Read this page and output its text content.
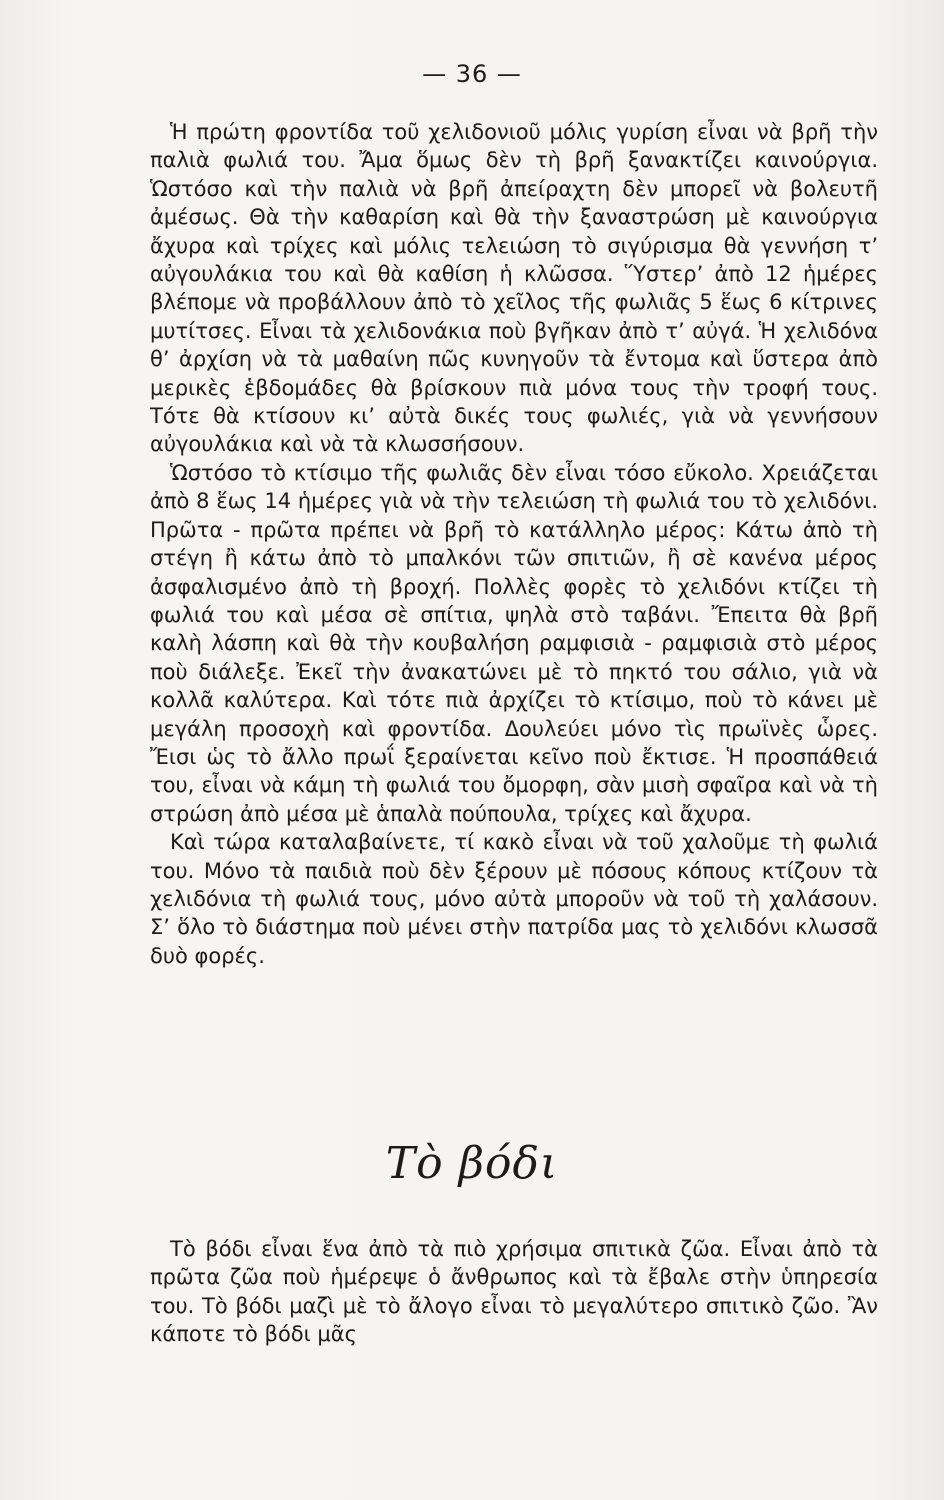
— 36 —

Ἡ πρώτη φροντίδα τοῦ χελιδονιοῦ μόλις γυρίση εἶναι νὰ βρῆ τὴν παλιὰ φωλιά του. Ἄμα ὅμως δὲν τὴ βρῆ ξανακτίζει καινούργια. Ὡστόσο καὶ τὴν παλιὰ νὰ βρῆ ἀπείραχτη δὲν μπορεῖ νὰ βολευτῆ ἀμέσως. Θὰ τὴν καθαρίση καὶ θὰ τὴν ξαναστρώση μὲ καινούργια ἄχυρα καὶ τρίχες καὶ μόλις τελειώση τὸ σιγύρισμα θὰ γεννήση τ’ αὐγουλάκια του καὶ θὰ καθίση ἡ κλῶσσα. Ὕστερ’ ἀπὸ 12 ἡμέρες βλέπομε νὰ προβάλλουν ἀπὸ τὸ χεῖλος τῆς φωλιᾶς 5 ἕως 6 κίτρινες μυτίτσες. Εἶναι τὰ χελιδονάκια ποὺ βγῆκαν ἀπὸ τ’ αὐγά. Ἡ χελιδόνα θ’ ἀρχίση νὰ τὰ μαθαίνη πῶς κυνηγοῦν τὰ ἔντομα καὶ ὕστερα ἀπὸ μερικὲς ἑβδομάδες θὰ βρίσκουν πιὰ μόνα τους τὴν τροφή τους. Τότε θὰ κτίσουν κι’ αὐτὰ δικές τους φωλιές, γιὰ νὰ γεννήσουν αὐγουλάκια καὶ νὰ τὰ κλωσσήσουν.

Ὡστόσο τὸ κτίσιμο τῆς φωλιᾶς δὲν εἶναι τόσο εὔκολο. Χρειάζεται ἀπὸ 8 ἕως 14 ἡμέρες γιὰ νὰ τὴν τελειώση τὴ φωλιά του τὸ χελιδόνι. Πρῶτα - πρῶτα πρέπει νὰ βρῆ τὸ κατάλληλο μέρος: Κάτω ἀπὸ τὴ στέγη ἢ κάτω ἀπὸ τὸ μπαλκόνι τῶν σπιτιῶν, ἢ σὲ κανένα μέρος ἀσφαλισμένο ἀπὸ τὴ βροχή. Πολλὲς φορὲς τὸ χελιδόνι κτίζει τὴ φωλιά του καὶ μέσα σὲ σπίτια, ψηλὰ στὸ ταβάνι. Ἔπειτα θὰ βρῆ καλὴ λάσπη καὶ θὰ τὴν κουβαλήση ραμφισιὰ - ραμφισιὰ στὸ μέρος ποὺ διάλεξε. Ἐκεῖ τὴν ἀνακατώνει μὲ τὸ πηκτό του σάλιο, γιὰ νὰ κολλᾶ καλύτερα. Καὶ τότε πιὰ ἀρχίζει τὸ κτίσιμο, ποὺ τὸ κάνει μὲ μεγάλη προσοχὴ καὶ φροντίδα. Δουλεύει μόνο τὶς πρωϊνὲς ὧρες. Ἔισι ὡς τὸ ἄλλο πρωΐ ξεραίνεται κεῖνο ποὺ ἔκτισε. Ἡ προσπάθειά του, εἶναι νὰ κάμη τὴ φωλιά του ὄμορφη, σὰν μισὴ σφαῖρα καὶ νὰ τὴ στρώση ἀπὸ μέσα μὲ ἁπαλὰ πούπουλα, τρίχες καὶ ἄχυρα.

Καὶ τώρα καταλαβαίνετε, τί κακὸ εἶναι νὰ τοῦ χαλοῦμε τὴ φωλιά του. Μόνο τὰ παιδιὰ ποὺ δὲν ξέρουν μὲ πόσους κόπους κτίζουν τὰ χελιδόνια τὴ φωλιά τους, μόνο αὐτὰ μποροῦν νὰ τοῦ τὴ χαλάσουν. Σ’ ὅλο τὸ διάστημα ποὺ μένει στὴν πατρίδα μας τὸ χελιδόνι κλωσσᾶ δυὸ φορές.

Τὸ βόδι

Τὸ βόδι εἶναι ἕνα ἀπὸ τὰ πιὸ χρήσιμα σπιτικὰ ζῶα. Εἶναι ἀπὸ τὰ πρῶτα ζῶα ποὺ ἡμέρεψε ὁ ἄνθρωπος καὶ τὰ ἔβαλε στὴν ὑπηρεσία του. Τὸ βόδι μαζὶ μὲ τὸ ἄλογο εἶναι τὸ μεγαλύτερο σπιτικὸ ζῶο. Ἂν κάποτε τὸ βόδι μᾶς
